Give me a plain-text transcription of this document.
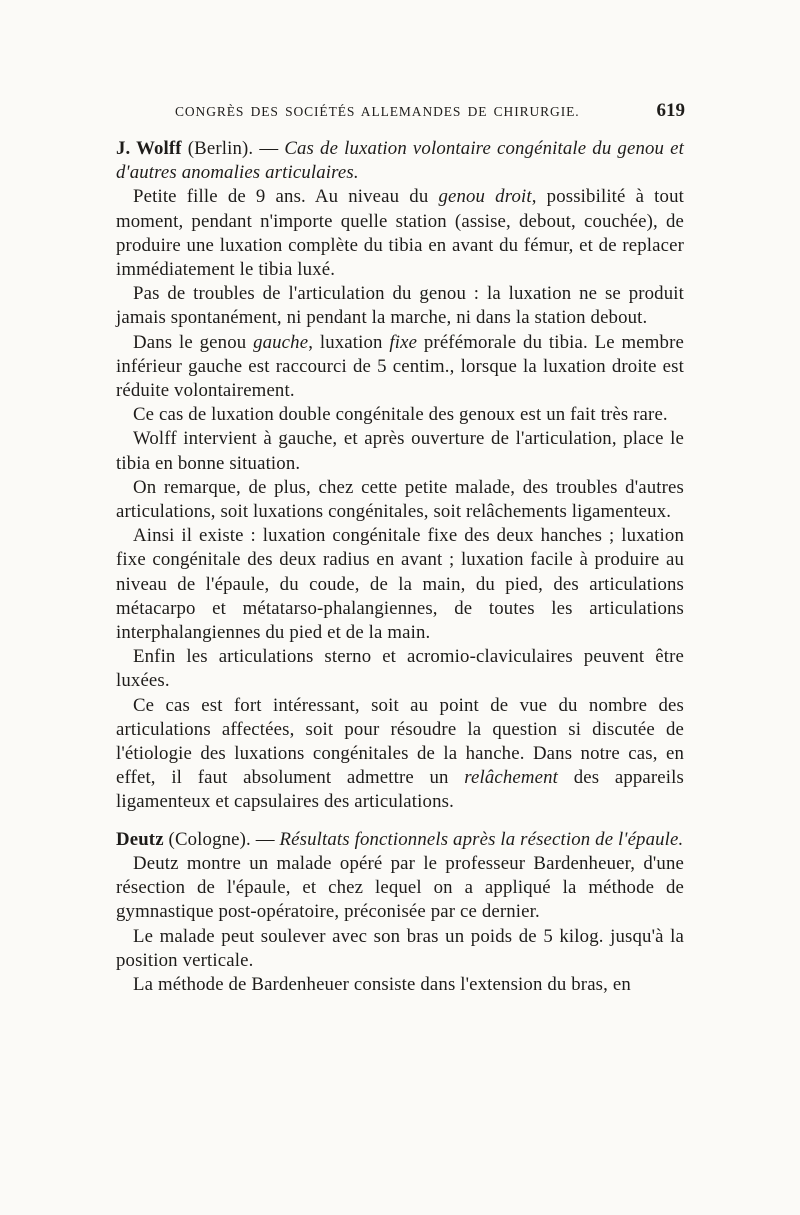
CONGRÈS DES SOCIÉTÉS ALLEMANDES DE CHIRURGIE.	619

J. Wolff (Berlin). — Cas de luxation volontaire congénitale du genou et d'autres anomalies articulaires.

Petite fille de 9 ans. Au niveau du genou droit, possibilité à tout moment, pendant n'importe quelle station (assise, debout, couchée), de produire une luxation complète du tibia en avant du fémur, et de replacer immédiatement le tibia luxé.

Pas de troubles de l'articulation du genou : la luxation ne se produit jamais spontanément, ni pendant la marche, ni dans la station debout.

Dans le genou gauche, luxation fixe préfémorale du tibia. Le membre inférieur gauche est raccourci de 5 centim., lorsque la luxation droite est réduite volontairement.

Ce cas de luxation double congénitale des genoux est un fait très rare.

Wolff intervient à gauche, et après ouverture de l'articulation, place le tibia en bonne situation.

On remarque, de plus, chez cette petite malade, des troubles d'autres articulations, soit luxations congénitales, soit relâchements ligamenteux.

Ainsi il existe : luxation congénitale fixe des deux hanches ; luxation fixe congénitale des deux radius en avant ; luxation facile à produire au niveau de l'épaule, du coude, de la main, du pied, des articulations métacarpo et métatarso-phalangiennes, de toutes les articulations interphalangiennes du pied et de la main.

Enfin les articulations sterno et acromio-claviculaires peuvent être luxées.

Ce cas est fort intéressant, soit au point de vue du nombre des articulations affectées, soit pour résoudre la question si discutée de l'étiologie des luxations congénitales de la hanche. Dans notre cas, en effet, il faut absolument admettre un relâchement des appareils ligamenteux et capsulaires des articulations.

Deutz (Cologne). — Résultats fonctionnels après la résection de l'épaule.

Deutz montre un malade opéré par le professeur Bardenheuer, d'une résection de l'épaule, et chez lequel on a appliqué la méthode de gymnastique post-opératoire, préconisée par ce dernier.

Le malade peut soulever avec son bras un poids de 5 kilog. jusqu'à la position verticale.

La méthode de Bardenheuer consiste dans l'extension du bras, en
